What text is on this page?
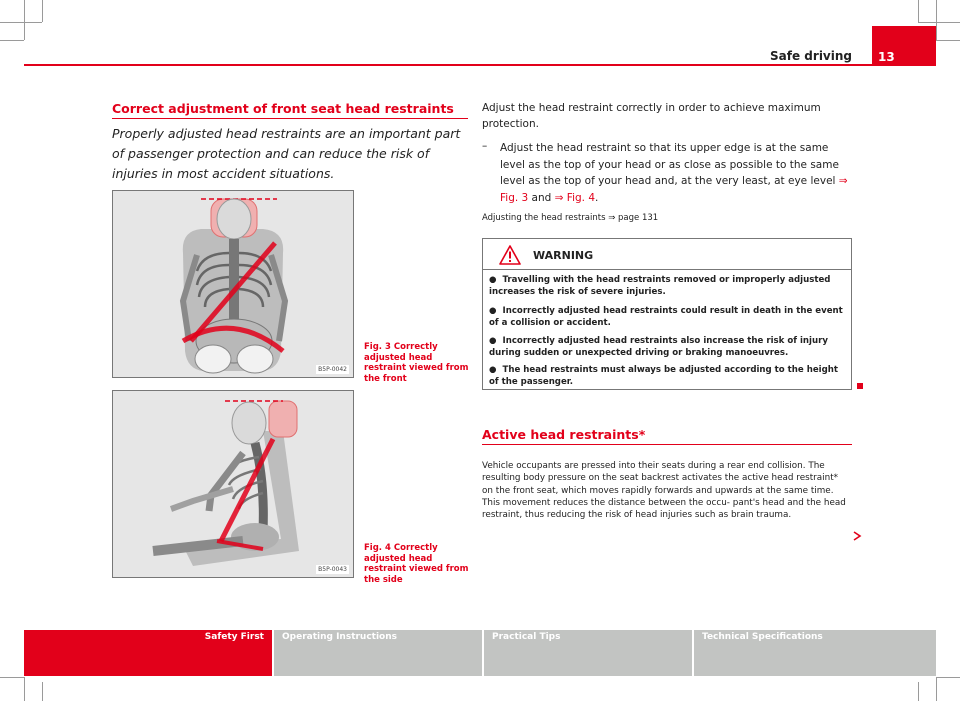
Safe driving 13
Correct adjustment of front seat head restraints
Properly adjusted head restraints are an important part of passenger protection and can reduce the risk of injuries in most accident situations.
B5P-0042
Fig. 3 Correctly adjusted head restraint viewed from the front
B5P-0043
Fig. 4 Correctly adjusted head restraint viewed from the side
Adjust the head restraint correctly in order to achieve maximum protection.
– Adjust the head restraint so that its upper edge is at the same level as the top of your head or as close as possible to the same level as the top of your head and, at the very least, at eye level ⇒ Fig. 3 and ⇒ Fig. 4.
Adjusting the head restraints ⇒ page 131
WARNING
● Travelling with the head restraints removed or improperly adjusted increases the risk of severe injuries.
● Incorrectly adjusted head restraints could result in death in the event of a collision or accident.
● Incorrectly adjusted head restraints also increase the risk of injury during sudden or unexpected driving or braking manoeuvres.
● The head restraints must always be adjusted according to the height of the passenger.
Active head restraints*
Vehicle occupants are pressed into their seats during a rear end collision. The resulting body pressure on the seat backrest activates the active head restraint* on the front seat, which moves rapidly forwards and upwards at the same time. This movement reduces the distance between the occu- pant's head and the head restraint, thus reducing the risk of head injuries such as brain trauma.
Safety First	Operating Instructions	Practical Tips	Technical Specifications
